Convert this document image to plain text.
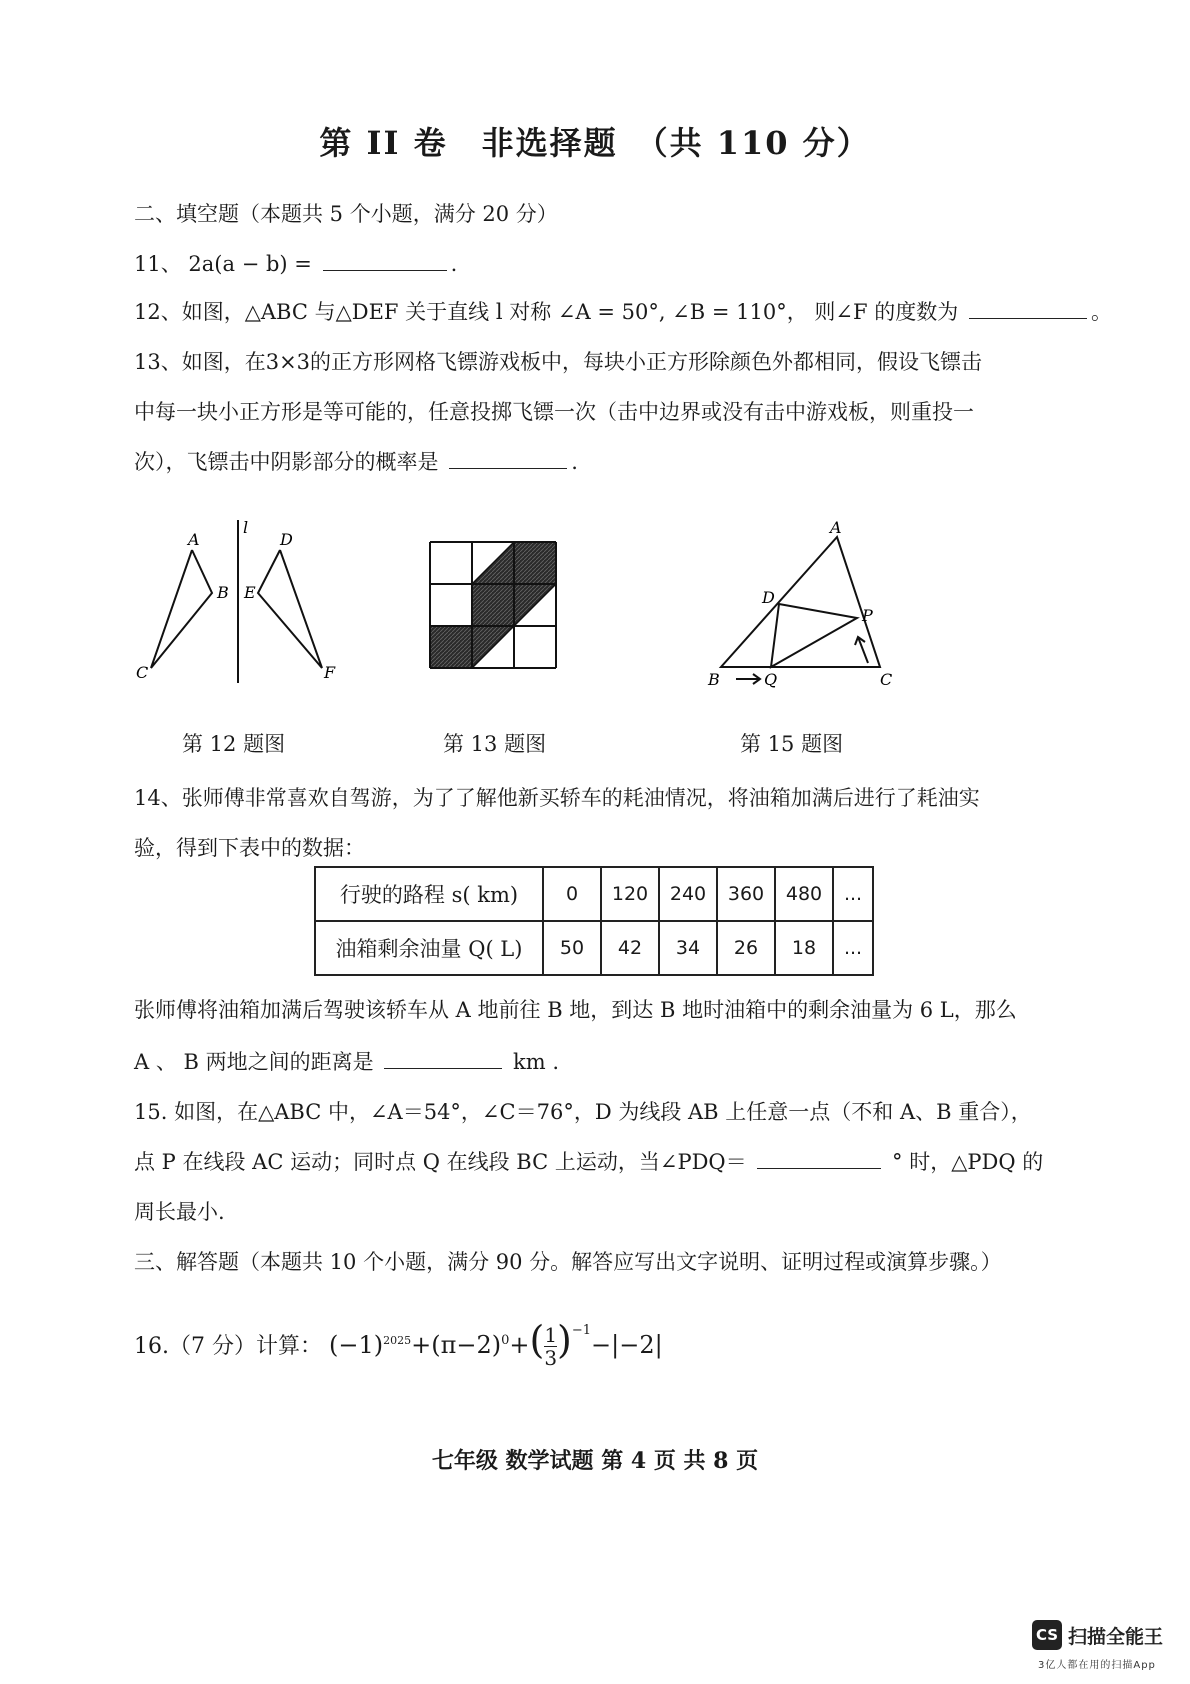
第 II 卷　非选择题　（共 110 分）
二、填空题（本题共 5 个小题，满分 20 分）
11、 2a(a − b) =	.
12、如图，△ABC 与△DEF 关于直线 l 对称 ∠A = 50°, ∠B = 110°， 则∠F 的度数为	。
13、如图，在3×3的正方形网格飞镖游戏板中，每块小正方形除颜色外都相同，假设飞镖击
中每一块小正方形是等可能的，任意投掷飞镖一次（击中边界或没有击中游戏板，则重投一
次），飞镖击中阴影部分的概率是	.
A
B
C
D
E
F
l	A
D
P
B	Q	C
第 12 题图	第 13 题图	第 15 题图
14、张师傅非常喜欢自驾游，为了了解他新买轿车的耗油情况，将油箱加满后进行了耗油实
验，得到下表中的数据：
行驶的路程 s( km)	0	120	240	360	480	...
油箱剩余油量 Q( L)	50	42	34	26	18	...
张师傅将油箱加满后驾驶该轿车从 A 地前往 B 地，到达 B 地时油箱中的剩余油量为 6 L，那么
A 、 B 两地之间的距离是	km .
15. 如图，在△ABC 中，∠A＝54°，∠C＝76°，D 为线段 AB 上任意一点（不和 A、B 重合），
点 P 在线段 AC 运动；同时点 Q 在线段 BC 上运动，当∠PDQ＝	° 时，△PDQ 的
周长最小.
三、解答题（本题共 10 个小题，满分 90 分。解答应写出文字说明、证明过程或演算步骤。）
16.（7 分）计算： $(-1)^{2025}+(\pi-2)^0+( \frac{1}{3} )^{-1}-|-2|$
七年级 数学试题 第 4 页 共 8 页
CS 扫描全能王
3亿人都在用的扫描App
